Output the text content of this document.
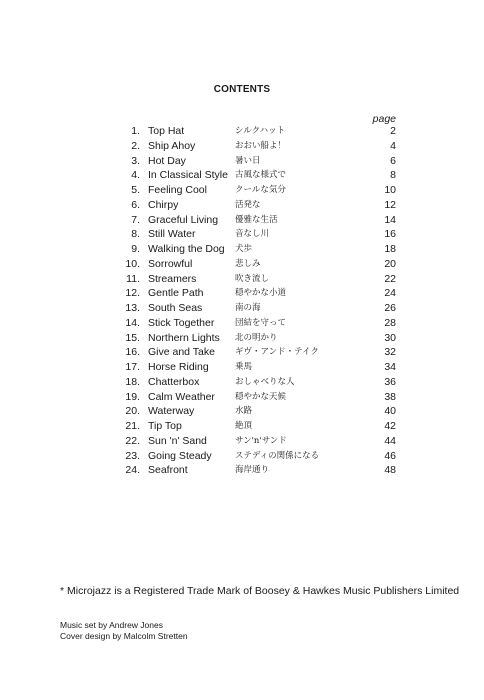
CONTENTS
page
1. Top Hat	シルクハット	2
2. Ship Ahoy	おおい船よ！	4
3. Hot Day	暑い日	6
4. In Classical Style 古風な様式で	8
5. Feeling Cool	クールな気分	10
6. Chirpy	活発な	12
7. Graceful Living 優雅な生活	14
8. Still Water	音なし川	16
9. Walking the Dog 犬歩	18
10. Sorrowful	悲しみ	20
11. Streamers	吹き流し	22
12. Gentle Path	穏やかな小道	24
13. South Seas	南の海	26
14. Stick Together 団結を守って	28
15. Northern Lights 北の明かり	30
16. Give and Take ギヴ・アンド・テイク	32
17. Horse Riding	乗馬	34
18. Chatterbox	おしゃべりな人	36
19. Calm Weather 穏やかな天候	38
20. Waterway	水路	40
21. Tip Top	絶頂	42
22. Sun 'n' Sand	サン'n'サンド	44
23. Going Steady	ステディの関係になる	46
24. Seafront	海岸通り	48
* Microjazz is a Registered Trade Mark of Boosey & Hawkes Music Publishers Limited
Music set by Andrew Jones
Cover design by Malcolm Stretten
